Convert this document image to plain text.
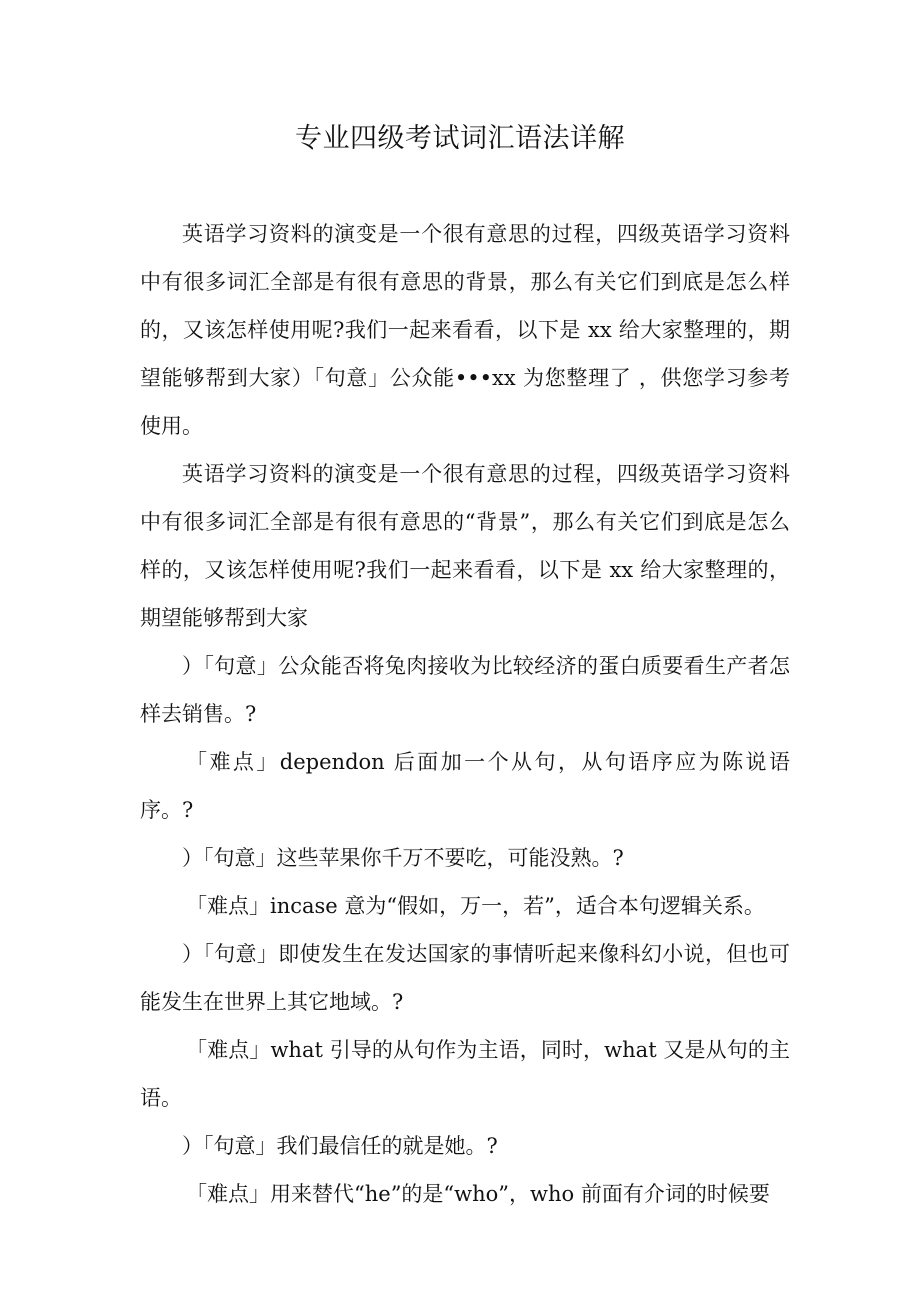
专业四级考试词汇语法详解

英语学习资料的演变是一个很有意思的过程，四级英语学习资料中有很多词汇全部是有很有意思的背景，那么有关它们到底是怎么样的，又该怎样使用呢?我们一起来看看，以下是 xx 给大家整理的，期望能够帮到大家）「句意」公众能•••xx 为您整理了 ，供您学习参考使用。

英语学习资料的演变是一个很有意思的过程，四级英语学习资料中有很多词汇全部是有很有意思的“背景”，那么有关它们到底是怎么样的，又该怎样使用呢?我们一起来看看，以下是 xx 给大家整理的，期望能够帮到大家

）「句意」公众能否将兔肉接收为比较经济的蛋白质要看生产者怎样去销售。?

「难点」dependon 后面加一个从句，从句语序应为陈说语序。?

）「句意」这些苹果你千万不要吃，可能没熟。?

「难点」incase 意为“假如，万一，若”，适合本句逻辑关系。

）「句意」即使发生在发达国家的事情听起来像科幻小说，但也可能发生在世界上其它地域。?

「难点」what 引导的从句作为主语，同时，what 又是从句的主语。

）「句意」我们最信任的就是她。?

「难点」用来替代“he”的是“who”，who 前面有介词的时候要
